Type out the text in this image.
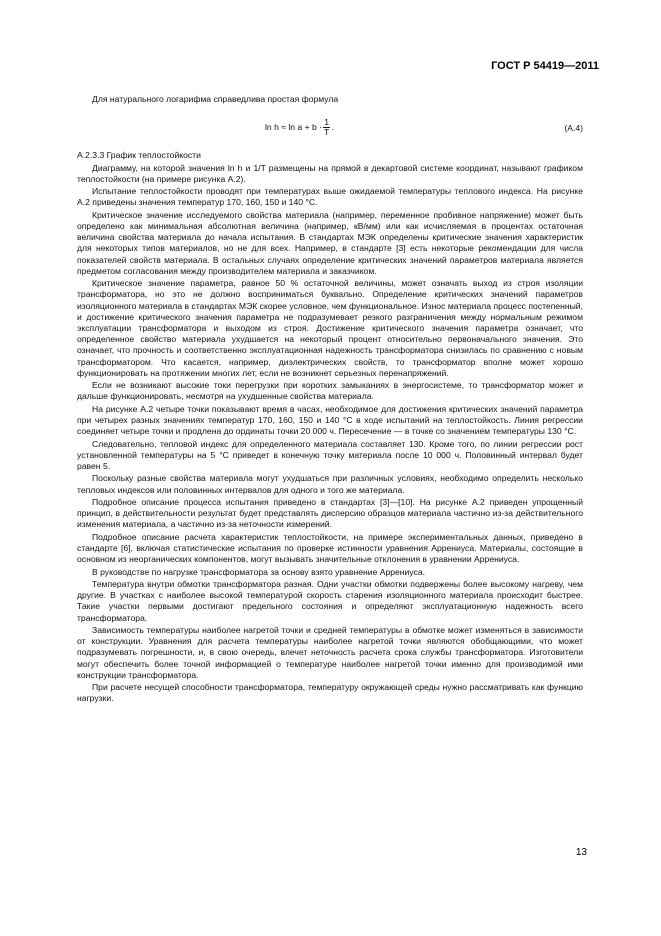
ГОСТ Р 54419—2011

Для натурального логарифма справедлива простая формула

$\ln h \approx \ln a + b \cdot \frac{1}{T}$ .	(А.4)

А.2.3.3 График теплостойкости

Диаграмму, на которой значения ln h и 1/T размещены на прямой в декартовой системе координат, называют графиком теплостойкости (на примере рисунка А.2).

Испытание теплостойкости проводят при температурах выше ожидаемой температуры теплового индекса. На рисунке А.2 приведены значения температур 170, 160, 150 и 140 °С.

Критическое значение исследуемого свойства материала (например, переменное пробивное напряжение) может быть определено как минимальная абсолютная величина (например, кВ/мм) или как исчисляемая в процентах остаточная величина свойства материала до начала испытания. В стандартах МЭК определены критические значения характеристик для некоторых типов материалов, но не для всех. Например, в стандарте [3] есть некоторые рекомендации для числа показателей свойств материала. В остальных случаях определение критических значений параметров материала является предметом согласования между производителем материала и заказчиком.

Критическое значение параметра, равное 50 % остаточной величины, может означать выход из строя изоляции трансформатора, но это не должно восприниматься буквально. Определение критических значений параметров изоляционного материала в стандартах МЭК скорее условное, чем функциональное. Износ материала процесс постепенный, и достижение критического значения параметра не подразумевает резкого разграничения между нормальным режимом эксплуатации трансформатора и выходом из строя. Достижение критического значения параметра означает, что определенное свойство материала ухудшается на некоторый процент относительно первоначального значения. Это означает, что прочность и соответственно эксплуатационная надежность трансформатора снизилась по сравнению с новым трансформатором. Что касается, например, диэлектрических свойств, то трансформатор вполне может хорошо функционировать на протяжении многих лет, если не возникнет серьезных перенапряжений.

Если не возникают высокие токи перегрузки при коротких замыканиях в энергосистеме, то трансформатор может и дальше функционировать, несмотря на ухудшенные свойства материала.

На рисунке А.2 четыре точки показывают время в часах, необходимое для достижения критических значений параметра при четырех разных значениях температур 170, 160, 150 и 140 °С в ходе испытаний на теплостойкость. Линия регрессии соединяет четыре точки и продлена до ординаты точки 20 000 ч. Пересечение — в точке со значением температуры 130 °С.

Следовательно, тепловой индекс для определенного материала составляет 130. Кроме того, по линии регрессии рост установленной температуры на 5 °С приведет в конечную точку материала после 10 000 ч. Половинный интервал будет равен 5.

Поскольку разные свойства материала могут ухудшаться при различных условиях, необходимо определить несколько тепловых индексов или половинных интервалов для одного и того же материала.

Подробное описание процесса испытания приведено в стандартах [3]—[10]. На рисунке А.2 приведен упрощенный принцип, в действительности результат будет представлять дисперсию образцов материала частично из-за действительного изменения материала, а частично из-за неточности измерений.

Подробное описание расчета характеристик теплостойкости, на примере экспериментальных данных, приведено в стандарте [6], включая статистические испытания по проверке истинности уравнения Аррениуса. Материалы, состоящие в основном из неорганических компонентов, могут вызывать значительные отклонения в уравнении Аррениуса.

В руководстве по нагрузке трансформатора за основу взято уравнение Аррениуса.

Температура внутри обмотки трансформатора разная. Одни участки обмотки подвержены более высокому нагреву, чем другие. В участках с наиболее высокой температурой скорость старения изоляционного материала происходит быстрее. Такие участки первыми достигают предельного состояния и определяют эксплуатационную надежность всего трансформатора.

Зависимость температуры наиболее нагретой точки и средней температуры в обмотке может изменяться в зависимости от конструкции. Уравнения для расчета температуры наиболее нагретой точки являются обобщающими, что может подразумевать погрешности, и, в свою очередь, влечет неточность расчета срока службы трансформатора. Изготовители могут обеспечить более точной информацией о температуре наиболее нагретой точки именно для производимой ими конструкции трансформатора.

При расчете несущей способности трансформатора, температуру окружающей среды нужно рассматривать как функцию нагрузки.

13
